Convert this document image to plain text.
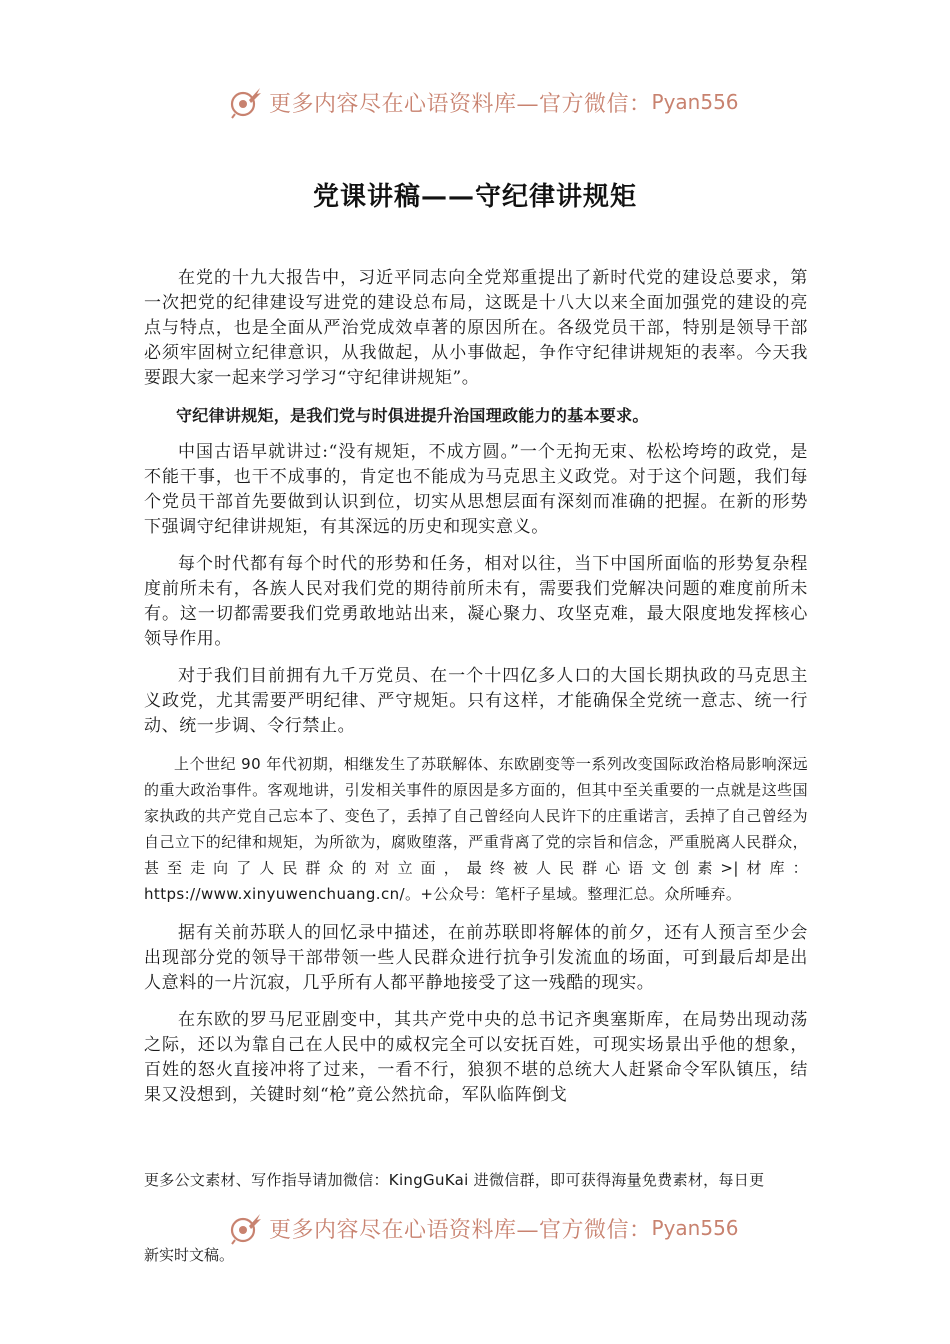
更多内容尽在心语资料库—官方微信： Pyan556
党课讲稿——守纪律讲规矩

在党的十九大报告中，习近平同志向全党郑重提出了新时代党的建设总要求，第一次把党的纪律建设写进党的建设总布局，这既是十八大以来全面加强党的建设的亮点与特点，也是全面从严治党成效卓著的原因所在。各级党员干部，特别是领导干部必须牢固树立纪律意识，从我做起，从小事做起，争作守纪律讲规矩的表率。今天我要跟大家一起来学习学习“守纪律讲规矩”。

守纪律讲规矩，是我们党与时俱进提升治国理政能力的基本要求。

中国古语早就讲过:“没有规矩，不成方圆。”一个无拘无束、松松垮垮的政党，是不能干事，也干不成事的，肯定也不能成为马克思主义政党。对于这个问题，我们每个党员干部首先要做到认识到位，切实从思想层面有深刻而准确的把握。在新的形势下强调守纪律讲规矩，有其深远的历史和现实意义。

每个时代都有每个时代的形势和任务，相对以往，当下中国所面临的形势复杂程度前所未有，各族人民对我们党的期待前所未有，需要我们党解决问题的难度前所未有。这一切都需要我们党勇敢地站出来，凝心聚力、攻坚克难，最大限度地发挥核心领导作用。

对于我们目前拥有九千万党员、在一个十四亿多人口的大国长期执政的马克思主义政党，尤其需要严明纪律、严守规矩。只有这样，才能确保全党统一意志、统一行动、统一步调、令行禁止。

上个世纪 90 年代初期，相继发生了苏联解体、东欧剧变等一系列改变国际政治格局影响深远的重大政治事件。客观地讲，引发相关事件的原因是多方面的，但其中至关重要的一点就是这些国家执政的共产党自己忘本了、变色了，丢掉了自己曾经向人民许下的庄重诺言，丢掉了自己曾经为自己立下的纪律和规矩，为所欲为，腐败堕落，严重背离了党的宗旨和信念，严重脱离人民群众，甚至走向了人民群众的对立面，最终被人民群心语文创素>|材库：https://www.xinyuwenchuang.cn/。+公众号：笔杆子星域。整理汇总。众所唾弃。

据有关前苏联人的回忆录中描述，在前苏联即将解体的前夕，还有人预言至少会出现部分党的领导干部带领一些人民群众进行抗争引发流血的场面，可到最后却是出人意料的一片沉寂，几乎所有人都平静地接受了这一残酷的现实。

在东欧的罗马尼亚剧变中，其共产党中央的总书记齐奥塞斯库，在局势出现动荡之际，还以为靠自己在人民中的威权完全可以安抚百姓，可现实场景出乎他的想象，百姓的怒火直接冲将了过来，一看不行，狼狈不堪的总统大人赶紧命令军队镇压，结果又没想到，关键时刻“枪”竟公然抗命，军队临阵倒戈

更多公文素材、写作指导请加微信：KingGuKai 进微信群，即可获得海量免费素材，每日更
更多内容尽在心语资料库—官方微信： Pyan556
新实时文稿。
